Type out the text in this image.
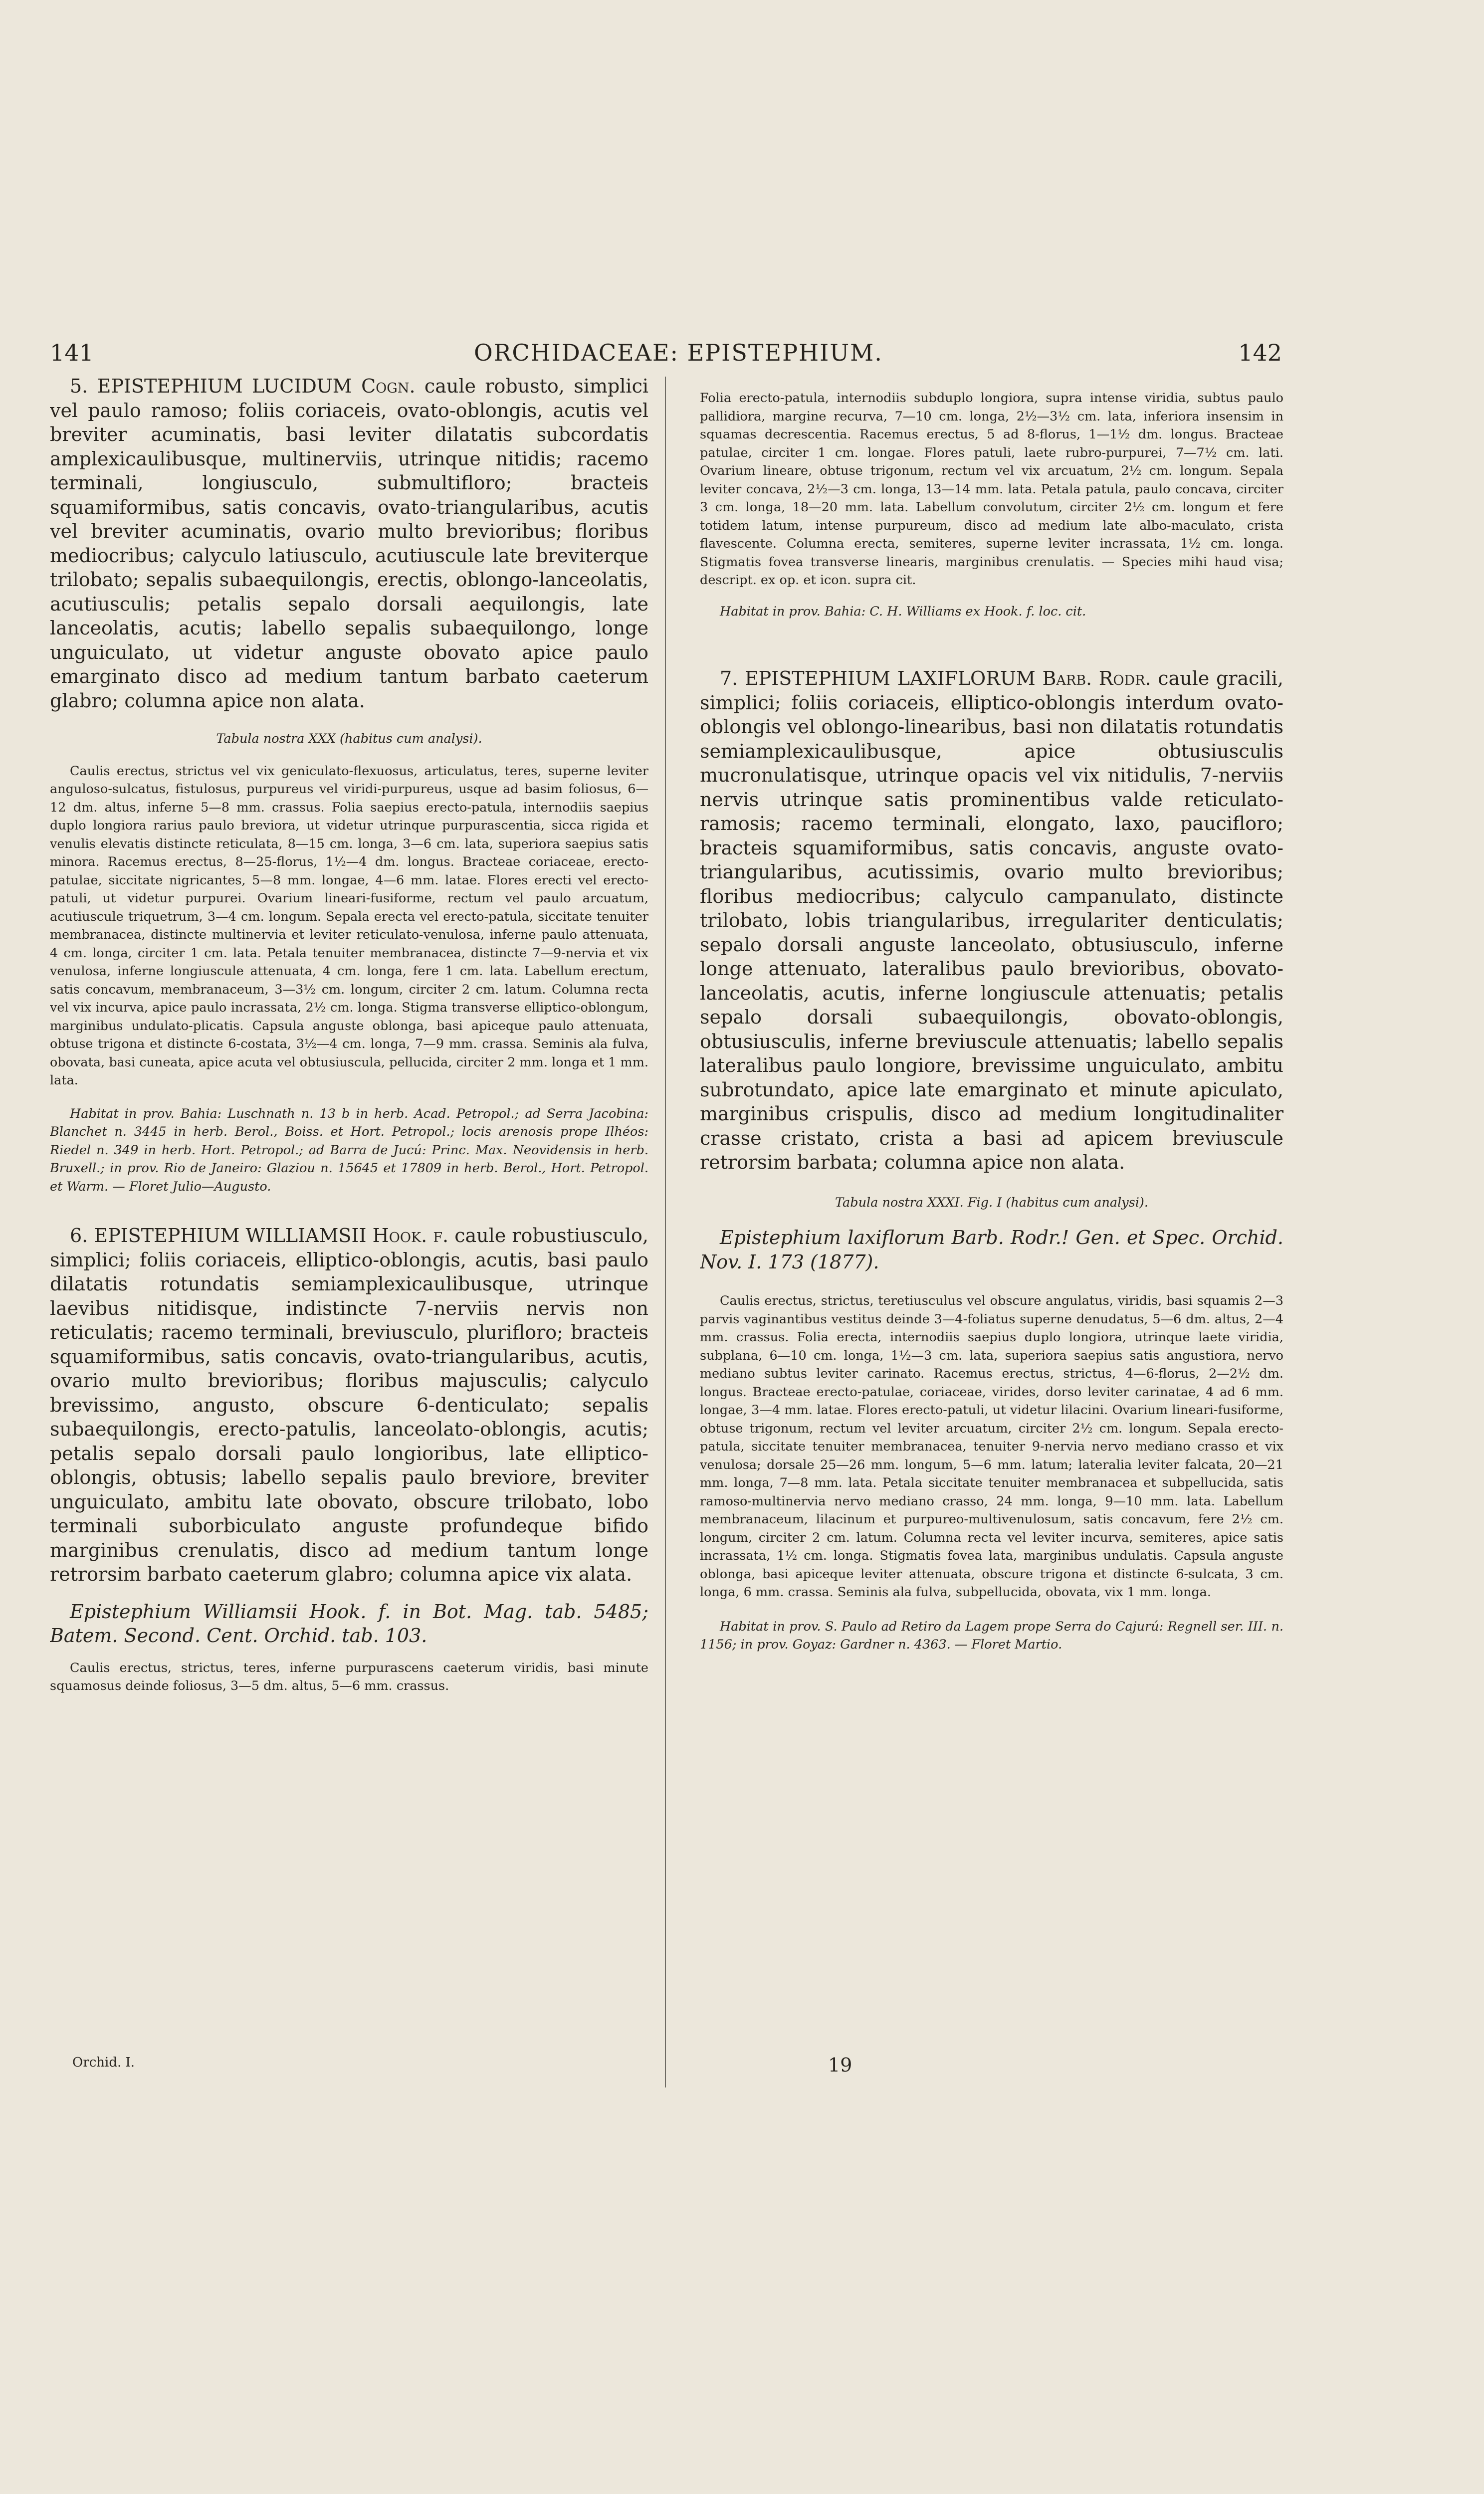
141	ORCHIDACEAE: EPISTEPHIUM.	142

5. EPISTEPHIUM LUCIDUM Cogn. caule robusto, simplici vel paulo ramoso; foliis coriaceis, ovato-oblongis, acutis vel breviter acuminatis, basi leviter dilatatis subcordatis amplexicaulibusque, multinerviis, utrinque nitidis; racemo terminali, longiusculo, submultifloro; bracteis squamiformibus, satis concavis, ovato-triangularibus, acutis vel breviter acuminatis, ovario multo brevioribus; floribus mediocribus; calyculo latiusculo, acutiuscule late breviterque trilobato; sepalis subaequilongis, erectis, oblongo-lanceolatis, acutiusculis; petalis sepalo dorsali aequilongis, late lanceolatis, acutis; labello sepalis subaequilongo, longe unguiculato, ut videtur anguste obovato apice paulo emarginato disco ad medium tantum barbato caeterum glabro; columna apice non alata.

Tabula nostra XXX (habitus cum analysi).

Caulis erectus, strictus vel vix geniculato-flexuosus, articulatus, teres, superne leviter anguloso-sulcatus, fistulosus, purpureus vel viridi-purpureus, usque ad basim foliosus, 6—12 dm. altus, inferne 5—8 mm. crassus. Folia saepius erecto-patula, internodiis saepius duplo longiora rarius paulo breviora, ut videtur utrinque purpurascentia, sicca rigida et venulis elevatis distincte reticulata, 8—15 cm. longa, 3—6 cm. lata, superiora saepius satis minora. Racemus erectus, 8—25-florus, 1½—4 dm. longus. Bracteae coriaceae, erecto-patulae, siccitate nigricantes, 5—8 mm. longae, 4—6 mm. latae. Flores erecti vel erecto-patuli, ut videtur purpurei. Ovarium lineari-fusiforme, rectum vel paulo arcuatum, acutiuscule triquetrum, 3—4 cm. longum. Sepala erecta vel erecto-patula, siccitate tenuiter membranacea, distincte multinervia et leviter reticulato-venulosa, inferne paulo attenuata, 4 cm. longa, circiter 1 cm. lata. Petala tenuiter membranacea, distincte 7—9-nervia et vix venulosa, inferne longiuscule attenuata, 4 cm. longa, fere 1 cm. lata. Labellum erectum, satis concavum, membranaceum, 3—3½ cm. longum, circiter 2 cm. latum. Columna recta vel vix incurva, apice paulo incrassata, 2½ cm. longa. Stigma transverse elliptico-oblongum, marginibus undulato-plicatis. Capsula anguste oblonga, basi apiceque paulo attenuata, obtuse trigona et distincte 6-costata, 3½—4 cm. longa, 7—9 mm. crassa. Seminis ala fulva, obovata, basi cuneata, apice acuta vel obtusiuscula, pellucida, circiter 2 mm. longa et 1 mm. lata.

Habitat in prov. Bahia: Luschnath n. 13 b in herb. Acad. Petropol.; ad Serra Jacobina: Blanchet n. 3445 in herb. Berol., Boiss. et Hort. Petropol.; locis arenosis prope Ilhéos: Riedel n. 349 in herb. Hort. Petropol.; ad Barra de Jucú: Princ. Max. Neovidensis in herb. Bruxell.; in prov. Rio de Janeiro: Glaziou n. 15645 et 17809 in herb. Berol., Hort. Petropol. et Warm. — Floret Julio—Augusto.

6. EPISTEPHIUM WILLIAMSII Hook. f. caule robustiusculo, simplici; foliis coriaceis, elliptico-oblongis, acutis, basi paulo dilatatis rotundatis semiamplexicaulibusque, utrinque laevibus nitidisque, indistincte 7-nerviis nervis non reticulatis; racemo terminali, breviusculo, plurifloro; bracteis squamiformibus, satis concavis, ovato-triangularibus, acutis, ovario multo brevioribus; floribus majusculis; calyculo brevissimo, angusto, obscure 6-denticulato; sepalis subaequilongis, erecto-patulis, lanceolato-oblongis, acutis; petalis sepalo dorsali paulo longioribus, late elliptico-oblongis, obtusis; labello sepalis paulo breviore, breviter unguiculato, ambitu late obovato, obscure trilobato, lobo terminali suborbiculato anguste profundeque bifido marginibus crenulatis, disco ad medium tantum longe retrorsim barbato caeterum glabro; columna apice vix alata.

Epistephium Williamsii Hook. f. in Bot. Mag. tab. 5485; Batem. Second. Cent. Orchid. tab. 103.

Caulis erectus, strictus, teres, inferne purpurascens caeterum viridis, basi minute squamosus deinde foliosus, 3—5 dm. altus, 5—6 mm. crassus.

Folia erecto-patula, internodiis subduplo longiora, supra intense viridia, subtus paulo pallidiora, margine recurva, 7—10 cm. longa, 2½—3½ cm. lata, inferiora insensim in squamas decrescentia. Racemus erectus, 5 ad 8-florus, 1—1½ dm. longus. Bracteae patulae, circiter 1 cm. longae. Flores patuli, laete rubro-purpurei, 7—7½ cm. lati. Ovarium lineare, obtuse trigonum, rectum vel vix arcuatum, 2½ cm. longum. Sepala leviter concava, 2½—3 cm. longa, 13—14 mm. lata. Petala patula, paulo concava, circiter 3 cm. longa, 18—20 mm. lata. Labellum convolutum, circiter 2½ cm. longum et fere totidem latum, intense purpureum, disco ad medium late albo-maculato, crista flavescente. Columna erecta, semiteres, superne leviter incrassata, 1½ cm. longa. Stigmatis fovea transverse linearis, marginibus crenulatis. — Species mihi haud visa; descript. ex op. et icon. supra cit.

Habitat in prov. Bahia: C. H. Williams ex Hook. f. loc. cit.

7. EPISTEPHIUM LAXIFLORUM Barb. Rodr. caule gracili, simplici; foliis coriaceis, elliptico-oblongis interdum ovato-oblongis vel oblongo-linearibus, basi non dilatatis rotundatis semiamplexicaulibusque, apice obtusiusculis mucronulatisque, utrinque opacis vel vix nitidulis, 7-nerviis nervis utrinque satis prominentibus valde reticulato-ramosis; racemo terminali, elongato, laxo, paucifloro; bracteis squamiformibus, satis concavis, anguste ovato-triangularibus, acutissimis, ovario multo brevioribus; floribus mediocribus; calyculo campanulato, distincte trilobato, lobis triangularibus, irregulariter denticulatis; sepalo dorsali anguste lanceolato, obtusiusculo, inferne longe attenuato, lateralibus paulo brevioribus, obovato-lanceolatis, acutis, inferne longiuscule attenuatis; petalis sepalo dorsali subaequilongis, obovato-oblongis, obtusiusculis, inferne breviuscule attenuatis; labello sepalis lateralibus paulo longiore, brevissime unguiculato, ambitu subrotundato, apice late emarginato et minute apiculato, marginibus crispulis, disco ad medium longitudinaliter crasse cristato, crista a basi ad apicem breviuscule retrorsim barbata; columna apice non alata.

Tabula nostra XXXI. Fig. I (habitus cum analysi).

Epistephium laxiflorum Barb. Rodr.! Gen. et Spec. Orchid. Nov. I. 173 (1877).

Caulis erectus, strictus, teretiusculus vel obscure angulatus, viridis, basi squamis 2—3 parvis vaginantibus vestitus deinde 3—4-foliatus superne denudatus, 5—6 dm. altus, 2—4 mm. crassus. Folia erecta, internodiis saepius duplo longiora, utrinque laete viridia, subplana, 6—10 cm. longa, 1½—3 cm. lata, superiora saepius satis angustiora, nervo mediano subtus leviter carinato. Racemus erectus, strictus, 4—6-florus, 2—2½ dm. longus. Bracteae erecto-patulae, coriaceae, virides, dorso leviter carinatae, 4 ad 6 mm. longae, 3—4 mm. latae. Flores erecto-patuli, ut videtur lilacini. Ovarium lineari-fusiforme, obtuse trigonum, rectum vel leviter arcuatum, circiter 2½ cm. longum. Sepala erecto-patula, siccitate tenuiter membranacea, tenuiter 9-nervia nervo mediano crasso et vix venulosa; dorsale 25—26 mm. longum, 5—6 mm. latum; lateralia leviter falcata, 20—21 mm. longa, 7—8 mm. lata. Petala siccitate tenuiter membranacea et subpellucida, satis ramoso-multinervia nervo mediano crasso, 24 mm. longa, 9—10 mm. lata. Labellum membranaceum, lilacinum et purpureo-multivenulosum, satis concavum, fere 2½ cm. longum, circiter 2 cm. latum. Columna recta vel leviter incurva, semiteres, apice satis incrassata, 1½ cm. longa. Stigmatis fovea lata, marginibus undulatis. Capsula anguste oblonga, basi apiceque leviter attenuata, obscure trigona et distincte 6-sulcata, 3 cm. longa, 6 mm. crassa. Seminis ala fulva, subpellucida, obovata, vix 1 mm. longa.

Habitat in prov. S. Paulo ad Retiro da Lagem prope Serra do Cajurú: Regnell ser. III. n. 1156; in prov. Goyaz: Gardner n. 4363. — Floret Martio.

Orchid. I.	19
